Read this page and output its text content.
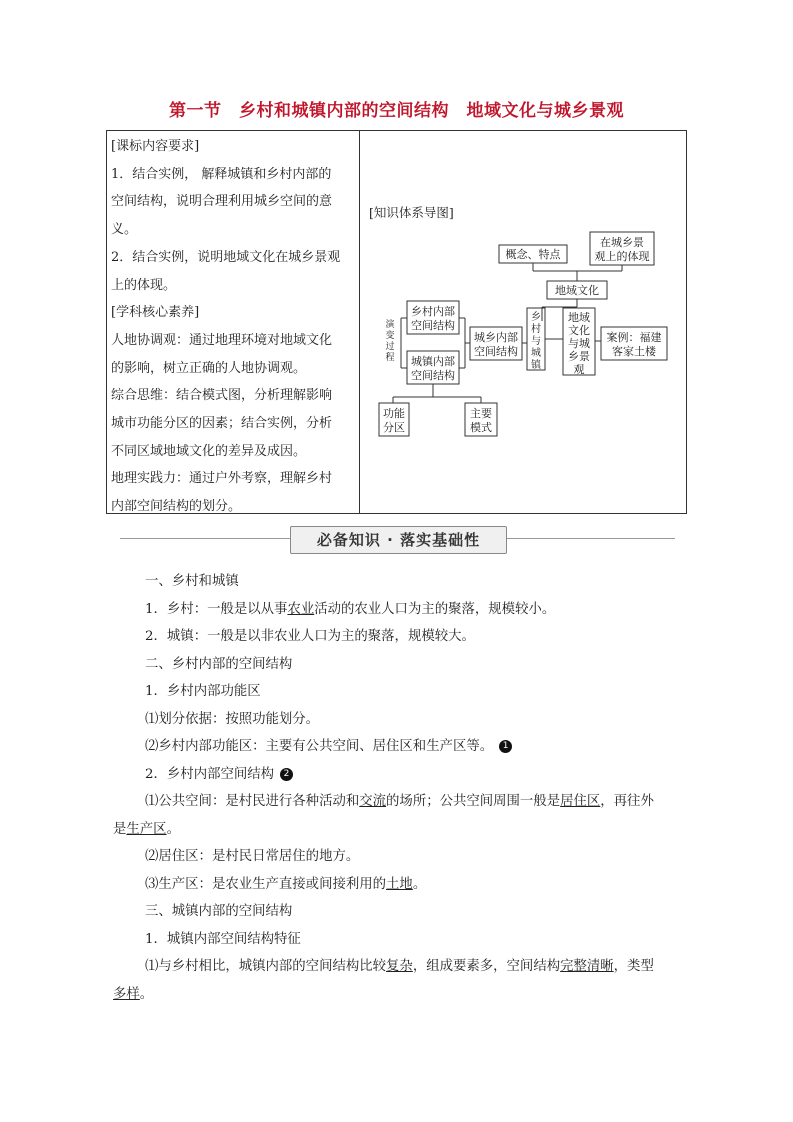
第一节　乡村和城镇内部的空间结构　地域文化与城乡景观
[课标内容要求]
1．结合实例， 解释城镇和乡村内部的
空间结构，说明合理利用城乡空间的意
义。
2．结合实例，说明地域文化在城乡景观
上的体现。
[学科核心素养]
人地协调观：通过地理环境对地域文化
的影响，树立正确的人地协调观。
综合思维：结合模式图，分析理解影响
城市功能分区的因素；结合实例，分析
不同区域地域文化的差异及成因。
地理实践力：通过户外考察，理解乡村
内部空间结构的划分。
[知识体系导图]
概念、特点
在城乡景
观上的体现
地域文化
乡村内部
空间结构
城镇内部
空间结构
演
变
过
程
城乡内部
空间结构
乡
村
与
城
镇
地域
文化
与城
乡景
观
案例：福建
客家土楼
功能
分区
主要
模式
必备知识 · 落实基础性

一、乡村和城镇

1．乡村：一般是以从事农业活动的农业人口为主的聚落，规模较小。

2．城镇：一般是以非农业人口为主的聚落，规模较大。

二、乡村内部的空间结构

1．乡村内部功能区

⑴划分依据：按照功能划分。

⑵乡村内部功能区：主要有公共空间、居住区和生产区等。 1

2．乡村内部空间结构 2

⑴公共空间：是村民进行各种活动和交流的场所；公共空间周围一般是居住区，再往外

是生产区。

⑵居住区：是村民日常居住的地方。

⑶生产区：是农业生产直接或间接利用的土地。

三、城镇内部的空间结构

1．城镇内部空间结构特征

⑴与乡村相比，城镇内部的空间结构比较复杂，组成要素多，空间结构完整清晰，类型

多样。
